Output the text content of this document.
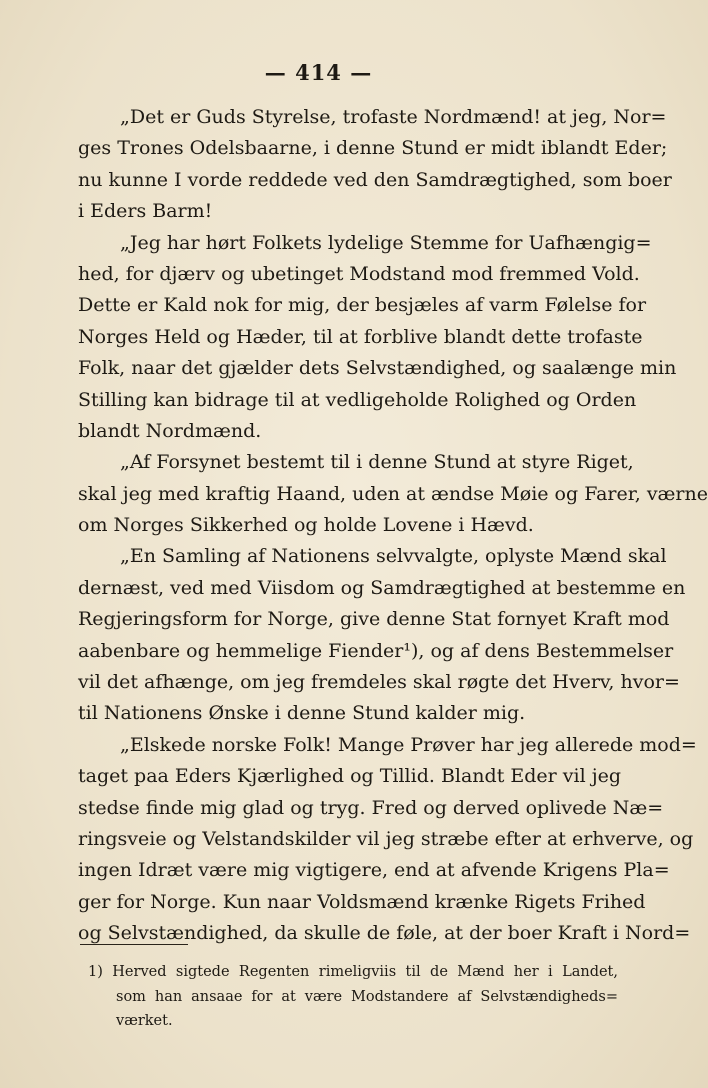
— 414 —
„Det er Guds Styrelse, trofaste Nordmænd! at jeg, Nor=
ges Trones Odelsbaarne, i denne Stund er midt iblandt Eder;
nu kunne I vorde reddede ved den Samdrægtighed, som boer
i Eders Barm!
„Jeg har hørt Folkets lydelige Stemme for Uafhængig=
hed, for djærv og ubetinget Modstand mod fremmed Vold.
Dette er Kald nok for mig, der besjæles af varm Følelse for
Norges Held og Hæder, til at forblive blandt dette trofaste
Folk, naar det gjælder dets Selvstændighed, og saalænge min
Stilling kan bidrage til at vedligeholde Rolighed og Orden
blandt Nordmænd.
„Af Forsynet bestemt til i denne Stund at styre Riget,
skal jeg med kraftig Haand, uden at ændse Møie og Farer, værne
om Norges Sikkerhed og holde Lovene i Hævd.
„En Samling af Nationens selvvalgte, oplyste Mænd skal
dernæst, ved med Viisdom og Samdrægtighed at bestemme en
Regjeringsform for Norge, give denne Stat fornyet Kraft mod
aabenbare og hemmelige Fiender¹), og af dens Bestemmelser
vil det afhænge, om jeg fremdeles skal røgte det Hverv, hvor=
til Nationens Ønske i denne Stund kalder mig.
„Elskede norske Folk! Mange Prøver har jeg allerede mod=
taget paa Eders Kjærlighed og Tillid. Blandt Eder vil jeg
stedse finde mig glad og tryg. Fred og derved oplivede Næ=
ringsveie og Velstandskilder vil jeg stræbe efter at erhverve, og
ingen Idræt være mig vigtigere, end at afvende Krigens Pla=
ger for Norge. Kun naar Voldsmænd krænke Rigets Frihed
og Selvstændighed, da skulle de føle, at der boer Kraft i Nord=
1) Herved sigtede Regenten rimeligviis til de Mænd her i Landet,
som han ansaae for at være Modstandere af Selvstændigheds=
værket.
